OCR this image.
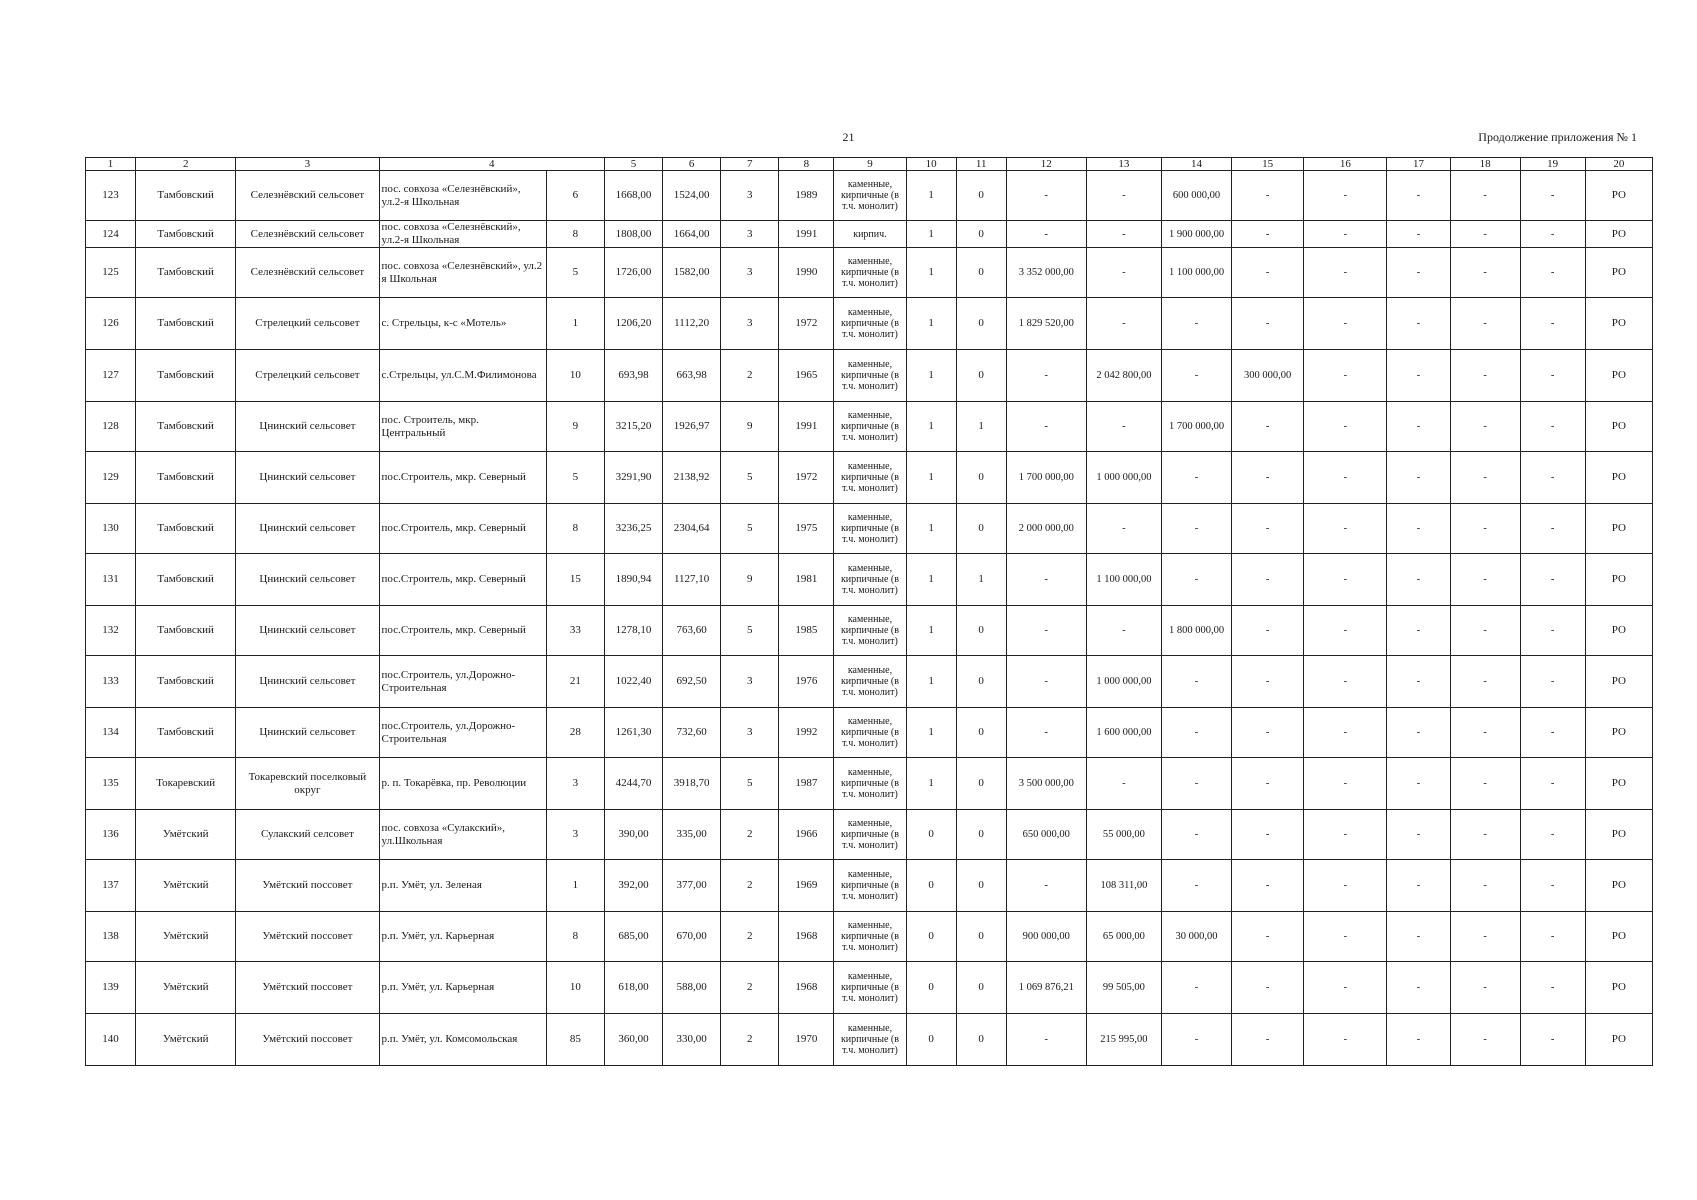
21	Продолжение приложения № 1
1	2	3	4		5	6	7	8	9	10	11	12	13	14	15	16	17	18	19	20
123	Тамбовский	Селезнёвский сельсовет	пос. совхоза «Селезнёвский», ул.2-я Школьная	6	1668,00	1524,00	3	1989	каменные, кирпичные (в т.ч. монолит)	1	0	-	-	600 000,00	-	-	-	-	-	РО
124	Тамбовский	Селезнёвский сельсовет	пос. совхоза «Селезнёвский», ул.2-я Школьная	8	1808,00	1664,00	3	1991	кирпич.	1	0	-	-	1 900 000,00	-	-	-	-	-	РО
125	Тамбовский	Селезнёвский сельсовет	пос. совхоза «Селезнёвский», ул.2 я Школьная	5	1726,00	1582,00	3	1990	каменные, кирпичные (в т.ч. монолит)	1	0	3 352 000,00	-	1 100 000,00	-	-	-	-	-	РО
126	Тамбовский	Стрелецкий сельсовет	с. Стрельцы, к-с «Мотель»	1	1206,20	1112,20	3	1972	каменные, кирпичные (в т.ч. монолит)	1	0	1 829 520,00	-	-	-	-	-	-	-	РО
127	Тамбовский	Стрелецкий сельсовет	с.Стрельцы, ул.С.М.Филимонова	10	693,98	663,98	2	1965	каменные, кирпичные (в т.ч. монолит)	1	0	-	2 042 800,00	-	300 000,00	-	-	-	-	РО
128	Тамбовский	Цнинский сельсовет	пос. Строитель, мкр. Центральный	9	3215,20	1926,97	9	1991	каменные, кирпичные (в т.ч. монолит)	1	1	-	-	1 700 000,00	-	-	-	-	-	РО
129	Тамбовский	Цнинский сельсовет	пос.Строитель, мкр. Северный	5	3291,90	2138,92	5	1972	каменные, кирпичные (в т.ч. монолит)	1	0	1 700 000,00	1 000 000,00	-	-	-	-	-	-	РО
130	Тамбовский	Цнинский сельсовет	пос.Строитель, мкр. Северный	8	3236,25	2304,64	5	1975	каменные, кирпичные (в т.ч. монолит)	1	0	2 000 000,00	-	-	-	-	-	-	-	РО
131	Тамбовский	Цнинский сельсовет	пос.Строитель, мкр. Северный	15	1890,94	1127,10	9	1981	каменные, кирпичные (в т.ч. монолит)	1	1	-	1 100 000,00	-	-	-	-	-	-	РО
132	Тамбовский	Цнинский сельсовет	пос.Строитель, мкр. Северный	33	1278,10	763,60	5	1985	каменные, кирпичные (в т.ч. монолит)	1	0	-	-	1 800 000,00	-	-	-	-	-	РО
133	Тамбовский	Цнинский сельсовет	пос.Строитель, ул.Дорожно-Строительная	21	1022,40	692,50	3	1976	каменные, кирпичные (в т.ч. монолит)	1	0	-	1 000 000,00	-	-	-	-	-	-	РО
134	Тамбовский	Цнинский сельсовет	пос.Строитель, ул.Дорожно-Строительная	28	1261,30	732,60	3	1992	каменные, кирпичные (в т.ч. монолит)	1	0	-	1 600 000,00	-	-	-	-	-	-	РО
135	Токаревский	Токаревский поселковый округ	р. п. Токарёвка, пр. Революции	3	4244,70	3918,70	5	1987	каменные, кирпичные (в т.ч. монолит)	1	0	3 500 000,00	-	-	-	-	-	-	-	РО
136	Умётский	Сулакский селсовет	пос. совхоза «Сулакский», ул.Школьная	3	390,00	335,00	2	1966	каменные, кирпичные (в т.ч. монолит)	0	0	650 000,00	55 000,00	-	-	-	-	-	-	РО
137	Умётский	Умётский поссовет	р.п. Умёт, ул. Зеленая	1	392,00	377,00	2	1969	каменные, кирпичные (в т.ч. монолит)	0	0	-	108 311,00	-	-	-	-	-	-	РО
138	Умётский	Умётский поссовет	р.п. Умёт, ул. Карьерная	8	685,00	670,00	2	1968	каменные, кирпичные (в т.ч. монолит)	0	0	900 000,00	65 000,00	30 000,00	-	-	-	-	-	РО
139	Умётский	Умётский поссовет	р.п. Умёт, ул. Карьерная	10	618,00	588,00	2	1968	каменные, кирпичные (в т.ч. монолит)	0	0	1 069 876,21	99 505,00	-	-	-	-	-	-	РО
140	Умётский	Умётский поссовет	р.п. Умёт, ул. Комсомольская	85	360,00	330,00	2	1970	каменные, кирпичные (в т.ч. монолит)	0	0	-	215 995,00	-	-	-	-	-	-	РО
